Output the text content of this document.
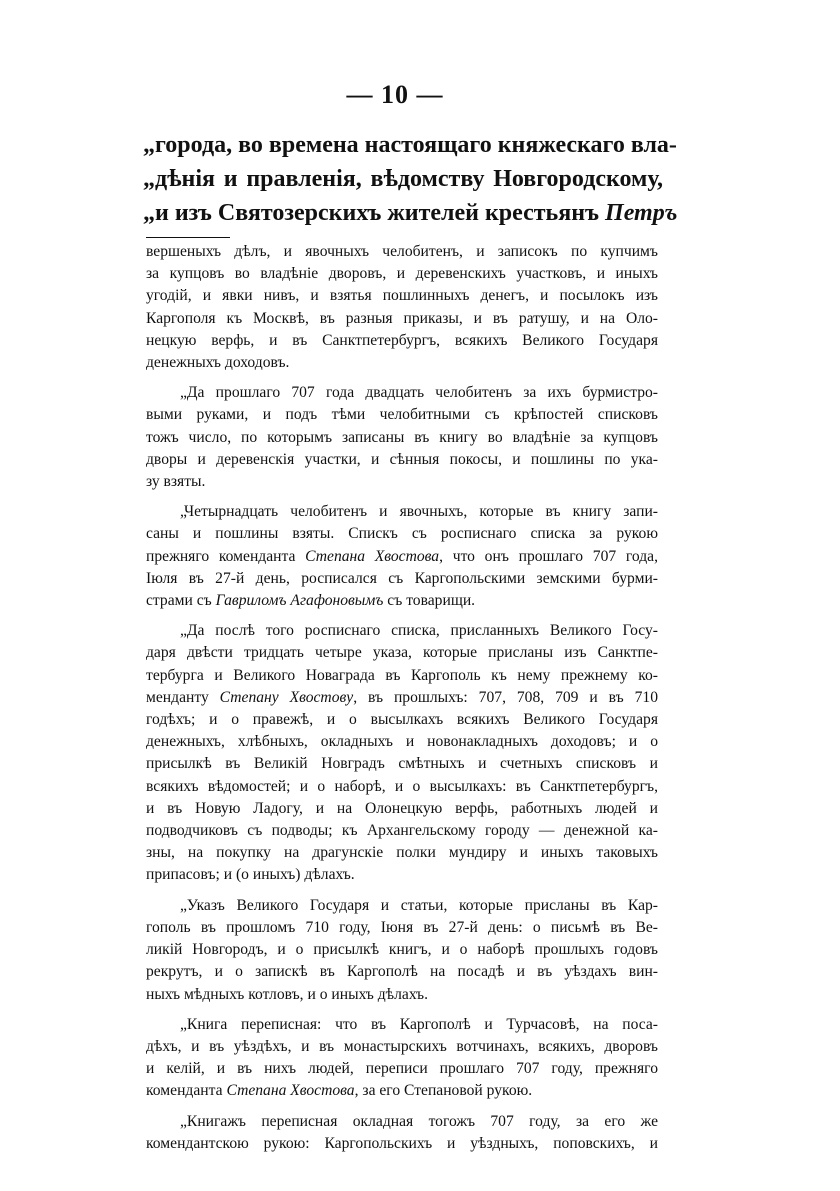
— 10 —
„города, во времена настоящаго княжескаго вла-
„дѣнія и правленія, вѣдомству Новгородскому,
„и изъ Святозерскихъ жителей крестьянъ Петръ

вершеныхъ дѣлъ, и явочныхъ челобитенъ, и записокъ по купчимъ
за купцовъ во владѣніе дворовъ, и деревенскихъ участковъ, и иныхъ
угодій, и явки нивъ, и взятья пошлинныхъ денегъ, и посылокъ изъ
Каргополя къ Москвѣ, въ разныя приказы, и въ ратушу, и на Оло-
нецкую верфь, и въ Санктпетербургъ, всякихъ Великого Государя
денежныхъ доходовъ.

„Да прошлаго 707 года двадцать челобитенъ за ихъ бурмистро-
выми руками, и подъ тѣми челобитными съ крѣпостей списковъ
тожъ число, по которымъ записаны въ книгу во владѣніе за купцовъ
дворы и деревенскія участки, и сѣнныя покосы, и пошлины по ука-
зу взяты.

„Четырнадцать челобитенъ и явочныхъ, которые въ книгу запи-
саны и пошлины взяты. Спискъ съ росписнаго списка за рукою
прежняго коменданта Степана Хвостова, что онъ прошлаго 707 года,
Іюля въ 27-й день, росписался съ Каргопольскими земскими бурми-
страми съ Гавриломъ Агафоновымъ съ товарищи.

„Да послѣ того росписнаго списка, присланныхъ Великого Госу-
даря двѣсти тридцать четыре указа, которые присланы изъ Санктпе-
тербурга и Великого Новаграда въ Каргополь къ нему прежнему ко-
менданту Степану Хвостову, въ прошлыхъ: 707, 708, 709 и въ 710
годѣхъ; и о правежѣ, и о высылкахъ всякихъ Великого Государя
денежныхъ, хлѣбныхъ, окладныхъ и новонакладныхъ доходовъ; и о
присылкѣ въ Великій Новградъ смѣтныхъ и счетныхъ списковъ и
всякихъ вѣдомостей; и о наборѣ, и о высылкахъ: въ Санктпетербургъ,
и въ Новую Ладогу, и на Олонецкую верфь, работныхъ людей и
подводчиковъ съ подводы; къ Архангельскому городу — денежной ка-
зны, на покупку на драгунскіе полки мундиру и иныхъ таковыхъ
припасовъ; и (о иныхъ) дѣлахъ.

„Указъ Великого Государя и статьи, которые присланы въ Кар-
гополь въ прошломъ 710 году, Іюня въ 27-й день: о письмѣ въ Ве-
ликій Новгородъ, и о присылкѣ книгъ, и о наборѣ прошлыхъ годовъ
рекрутъ, и о запискѣ въ Каргополѣ на посадѣ и въ уѣздахъ вин-
ныхъ мѣдныхъ котловъ, и о иныхъ дѣлахъ.

„Книга переписная: что въ Каргополѣ и Турчасовѣ, на поса-
дѣхъ, и въ уѣздѣхъ, и въ монастырскихъ вотчинахъ, всякихъ, дворовъ
и келій, и въ нихъ людей, переписи прошлаго 707 году, прежняго
коменданта Степана Хвостова, за его Степановой рукою.

„Книгажъ переписная окладная тогожъ 707 году, за его же
комендантскою рукою: Каргопольскихъ и уѣздныхъ, поповскихъ, и
